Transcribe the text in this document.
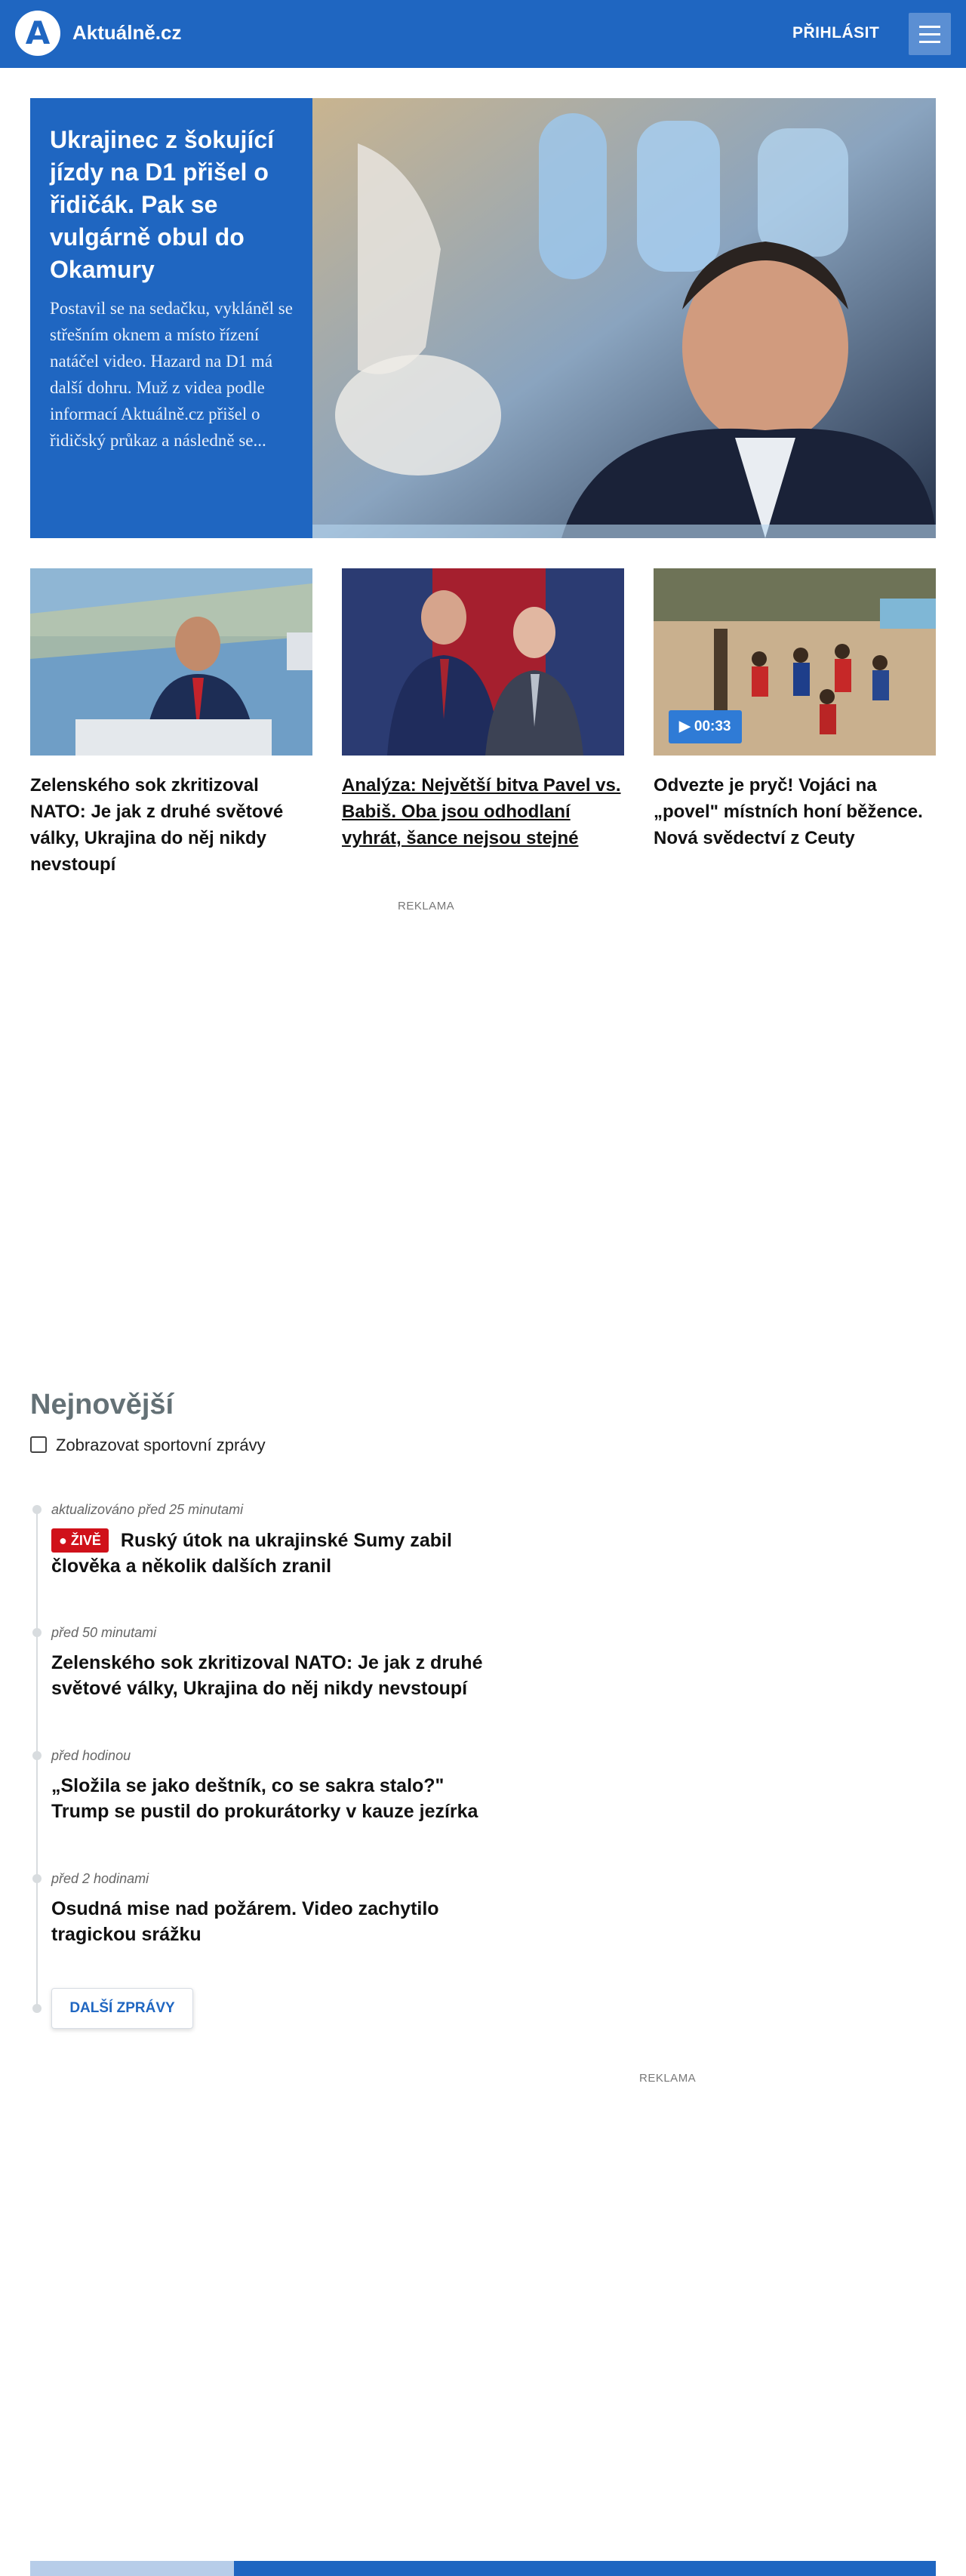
A	Aktuálně.cz	PŘIHLÁSIT
Ukrajinec z šokující jízdy na D1 přišel o řidičák. Pak se vulgárně obul do Okamury
Postavil se na sedačku, vykláněl se střešním oknem a místo řízení natáčel video. Hazard na D1 má další dohru. Muž z videa podle informací Aktuálně.cz přišel o řidičský průkaz a následně se...
Zelenského sok zkritizoval NATO: Je jak z druhé světové války, Ukrajina do něj nikdy nevstoupí
Analýza: Největší bitva Pavel vs. Babiš. Oba jsou odhodlaní vyhrát, šance nejsou stejné
▶ 00:33
Odvezte je pryč! Vojáci na „povel" místních honí běžence. Nová svědectví z Ceuty
REKLAMA
Nejnovější
Zobrazovat sportovní zprávy
aktualizováno před 25 minutami
● ŽIVĚ Ruský útok na ukrajinské Sumy zabil člověka a několik dalších zranil
před 50 minutami
Zelenského sok zkritizoval NATO: Je jak z druhé světové války, Ukrajina do něj nikdy nevstoupí
před hodinou
„Složila se jako deštník, co se sakra stalo?" Trump se pustil do prokurátorky v kauze jezírka
před 2 hodinami
Osudná mise nad požárem. Video zachytilo tragickou srážku
DALŠÍ ZPRÁVY
REKLAMA
